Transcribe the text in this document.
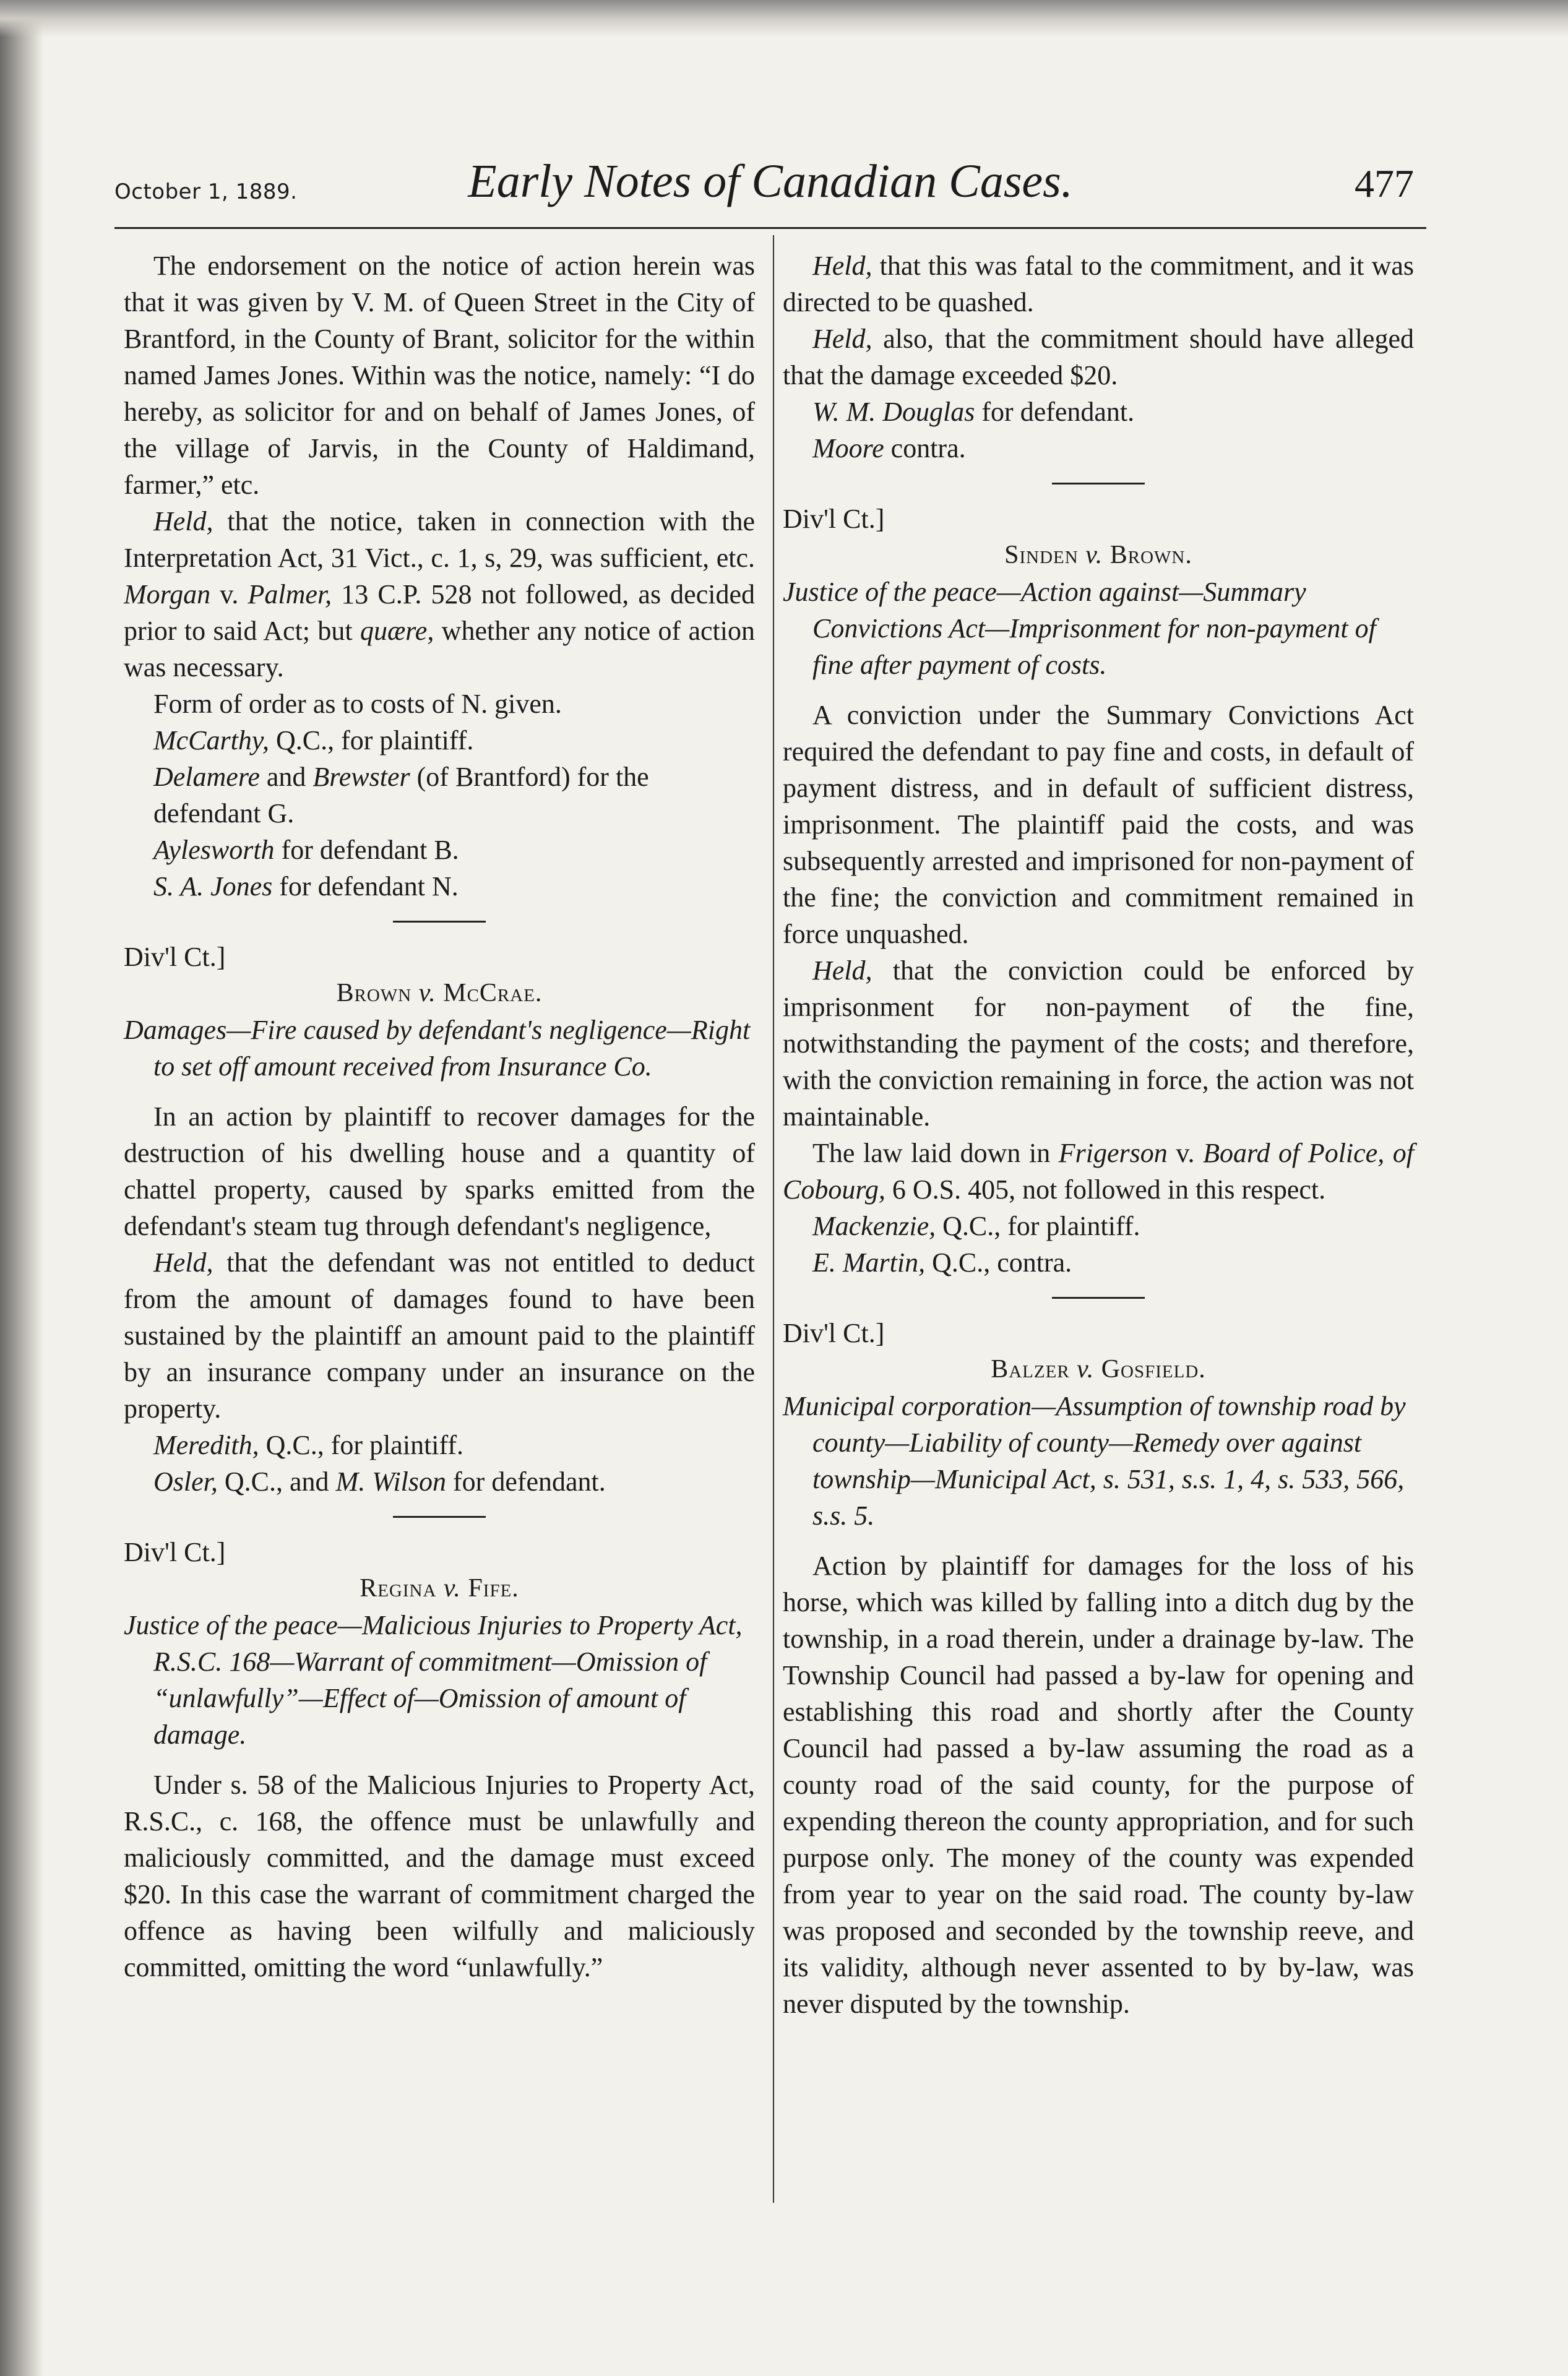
October 1, 1889.	Early Notes of Canadian Cases.	477

The endorsement on the notice of action herein was that it was given by V. M. of Queen Street in the City of Brantford, in the County of Brant, solicitor for the within named James Jones. Within was the notice, namely: “I do hereby, as solicitor for and on behalf of James Jones, of the village of Jarvis, in the County of Haldimand, farmer,” etc.

Held, that the notice, taken in connection with the Interpretation Act, 31 Vict., c. 1, s, 29, was sufficient, etc. Morgan v. Palmer, 13 C.P. 528 not followed, as decided prior to said Act; but quære, whether any notice of action was necessary.

Form of order as to costs of N. given.

McCarthy, Q.C., for plaintiff.

Delamere and Brewster (of Brantford) for the defendant G.

Aylesworth for defendant B.

S. A. Jones for defendant N.

Div'l Ct.]

Brown v. McCrae.

Damages—Fire caused by defendant's negligence—Right to set off amount received from Insurance Co.

In an action by plaintiff to recover damages for the destruction of his dwelling house and a quantity of chattel property, caused by sparks emitted from the defendant's steam tug through defendant's negligence,

Held, that the defendant was not entitled to deduct from the amount of damages found to have been sustained by the plaintiff an amount paid to the plaintiff by an insurance company under an insurance on the property.

Meredith, Q.C., for plaintiff.

Osler, Q.C., and M. Wilson for defendant.

Div'l Ct.]

Regina v. Fife.

Justice of the peace—Malicious Injuries to Property Act, R.S.C. 168—Warrant of commitment—Omission of “unlawfully”—Effect of—Omission of amount of damage.

Under s. 58 of the Malicious Injuries to Property Act, R.S.C., c. 168, the offence must be unlawfully and maliciously committed, and the damage must exceed $20. In this case the warrant of commitment charged the offence as having been wilfully and maliciously committed, omitting the word “unlawfully.”

Held, that this was fatal to the commitment, and it was directed to be quashed.

Held, also, that the commitment should have alleged that the damage exceeded $20.

W. M. Douglas for defendant.

Moore contra.

Div'l Ct.]

Sinden v. Brown.

Justice of the peace—Action against—Summary Convictions Act—Imprisonment for non-payment of fine after payment of costs.

A conviction under the Summary Convictions Act required the defendant to pay fine and costs, in default of payment distress, and in default of sufficient distress, imprisonment. The plaintiff paid the costs, and was subsequently arrested and imprisoned for non-payment of the fine; the conviction and commitment remained in force unquashed.

Held, that the conviction could be enforced by imprisonment for non-payment of the fine, notwithstanding the payment of the costs; and therefore, with the conviction remaining in force, the action was not maintainable.

The law laid down in Frigerson v. Board of Police, of Cobourg, 6 O.S. 405, not followed in this respect.

Mackenzie, Q.C., for plaintiff.

E. Martin, Q.C., contra.

Div'l Ct.]

Balzer v. Gosfield.

Municipal corporation—Assumption of township road by county—Liability of county—Remedy over against township—Municipal Act, s. 531, s.s. 1, 4, s. 533, 566, s.s. 5.

Action by plaintiff for damages for the loss of his horse, which was killed by falling into a ditch dug by the township, in a road therein, under a drainage by-law. The Township Council had passed a by-law for opening and establishing this road and shortly after the County Council had passed a by-law assuming the road as a county road of the said county, for the purpose of expending thereon the county appropriation, and for such purpose only. The money of the county was expended from year to year on the said road. The county by-law was proposed and seconded by the township reeve, and its validity, although never assented to by by-law, was never disputed by the township.
